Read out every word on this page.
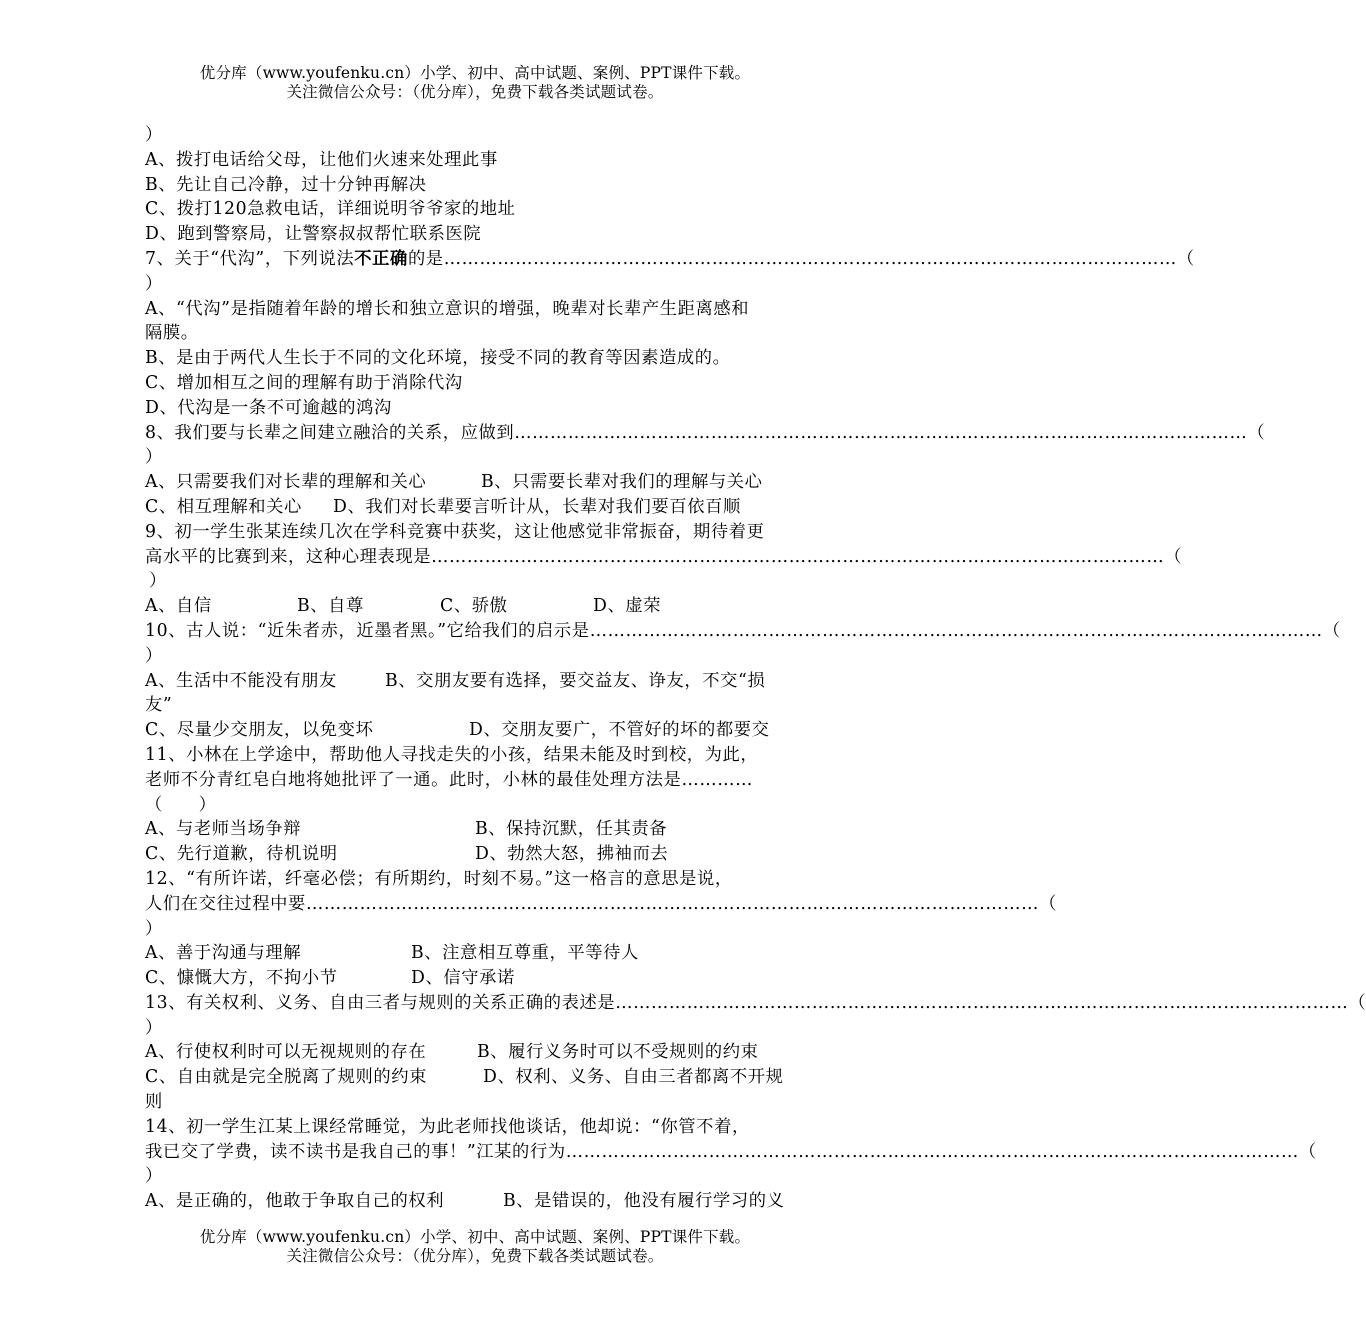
优分库（www.youfenku.cn）小学、初中、高中试题、案例、PPT课件下载。
关注微信公众号：（优分库），免费下载各类试题试卷。
）
A、拨打电话给父母，让他们火速来处理此事
B、先让自己冷静，过十分钟再解决
C、拨打120急救电话，详细说明爷爷家的地址
D、跑到警察局，让警察叔叔帮忙联系医院
7、关于“代沟”，下列说法不正确的是 …………………………………………………………………………………………………………… （
）
A、“代沟”是指随着年龄的增长和独立意识的增强，晚辈对长辈产生距离感和
隔膜。
B、是由于两代人生长于不同的文化环境，接受不同的教育等因素造成的。
C、增加相互之间的理解有助于消除代沟
D、代沟是一条不可逾越的鸿沟
8、我们要与长辈之间建立融洽的关系，应做到 …………………………………………………………………………………………………………… （
）
A、只需要我们对长辈的理解和关心	B、只需要长辈对我们的理解与关心
C、相互理解和关心	D、我们对长辈要言听计从，长辈对我们要百依百顺
9、初一学生张某连续几次在学科竞赛中获奖，这让他感觉非常振奋，期待着更
高水平的比赛到来，这种心理表现是 …………………………………………………………………………………………………………… （
）
A、自信	B、自尊	C、骄傲	D、虚荣
10、古人说：“近朱者赤，近墨者黑。”它给我们的启示是 …………………………………………………………………………………………………………… （
）
A、生活中不能没有朋友	B、交朋友要有选择，要交益友、诤友，不交“损
友”
C、尽量少交朋友，以免变坏	D、交朋友要广，不管好的坏的都要交
11、小林在上学途中，帮助他人寻找走失的小孩，结果未能及时到校，为此，
老师不分青红皂白地将她批评了一通。此时，小林的最佳处理方法是…………
（　　）
A、与老师当场争辩	B、保持沉默，任其责备
C、先行道歉，待机说明	D、勃然大怒，拂袖而去
12、“有所许诺，纤毫必偿；有所期约，时刻不易。”这一格言的意思是说，
人们在交往过程中要 …………………………………………………………………………………………………………… （
）
A、善于沟通与理解	B、注意相互尊重，平等待人
C、慷慨大方，不拘小节	D、信守承诺
13、有关权利、义务、自由三者与规则的关系正确的表述是 …………………………………………………………………………………………………………… （
）
A、行使权利时可以无视规则的存在	B、履行义务时可以不受规则的约束
C、自由就是完全脱离了规则的约束	D、权利、义务、自由三者都离不开规
则
14、初一学生江某上课经常睡觉，为此老师找他谈话，他却说：“你管不着，
我已交了学费，读不读书是我自己的事！”江某的行为 …………………………………………………………………………………………………………… （
）
A、是正确的，他敢于争取自己的权利	B、是错误的，他没有履行学习的义
优分库（www.youfenku.cn）小学、初中、高中试题、案例、PPT课件下载。
关注微信公众号：（优分库），免费下载各类试题试卷。
